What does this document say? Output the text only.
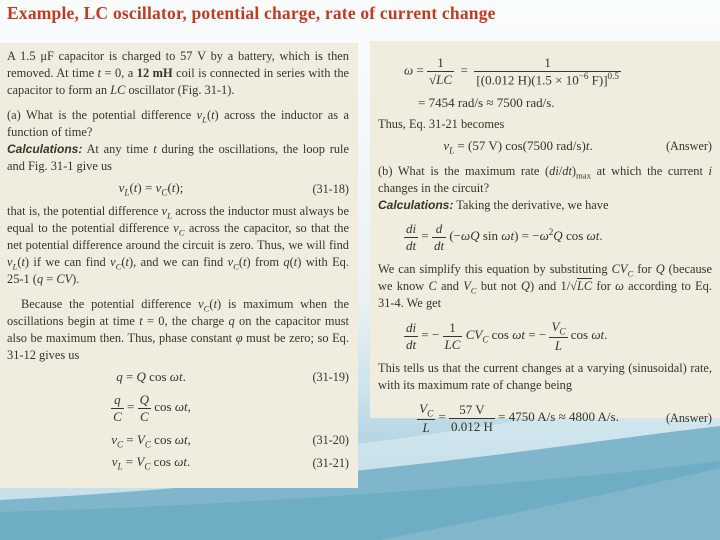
Example, LC oscillator, potential charge, rate of current change

A 1.5 μF capacitor is charged to 57 V by a battery, which is then removed. At time t = 0, a 12 mH coil is connected in series with the capacitor to form an LC oscillator (Fig. 31-1).

(a) What is the potential difference $v_L(t)$ across the inductor as a function of time?

Calculations: At any time t during the oscillations, the loop rule and Fig. 31-1 give us

$v_L(t) = v_C(t)$;	(31-18)

that is, the potential difference $v_L$ across the inductor must always be equal to the potential difference $v_C$ across the capacitor, so that the net potential difference around the circuit is zero. Thus, we will find $v_L(t)$ if we can find $v_C(t)$, and we can find $v_C(t)$ from q(t) with Eq. 25-1 (q = CV).

Because the potential difference $v_C(t)$ is maximum when the oscillations begin at time t = 0, the charge q on the capacitor must also be maximum then. Thus, phase constant φ must be zero; so Eq. 31-12 gives us

q = Q cos ωt.	(31-19)
$\frac{q}{C} = \frac{Q}{C}$ cos ωt,
$v_C = V_C$ cos ωt,	(31-20)
$v_L = V_C$ cos ωt.	(31-21)
$\omega = \frac{1}{√LC} = \frac{1}{[(0.012 H)(1.5 \times 10^{-6} F)]^{0.5}}$
= 7454 rad/s ≈ 7500 rad/s.

Thus, Eq. 31-21 becomes

$v_L = (57$ V) cos(7500 rad/s)t.	(Answer)

(b) What is the maximum rate $(di/dt)_{max}$ at which the current i changes in the circuit?

Calculations: Taking the derivative, we have

$\frac{di}{dt} = \frac{d}{dt} (-\omega Q$ $\sin \omega t) = -\omega^2Q$ cos ωt.

We can simplify this equation by substituting $CV_C$ for Q (because we know C and $V_C$ but not Q) and 1/√LC for ω according to Eq. 31-4. We get

$\frac{di}{dt}$ = − $\frac{1}{LC} CV_C$ cos ωt = − $\frac{V_C}{L}$ cos ωt.

This tells us that the current changes at a varying (sinusoidal) rate, with its maximum rate of change being

$\frac{V_C}{L} = \frac{57 V}{0.012 H} = 4750$ A/s ≈ 4800 A/s.	(Answer)
